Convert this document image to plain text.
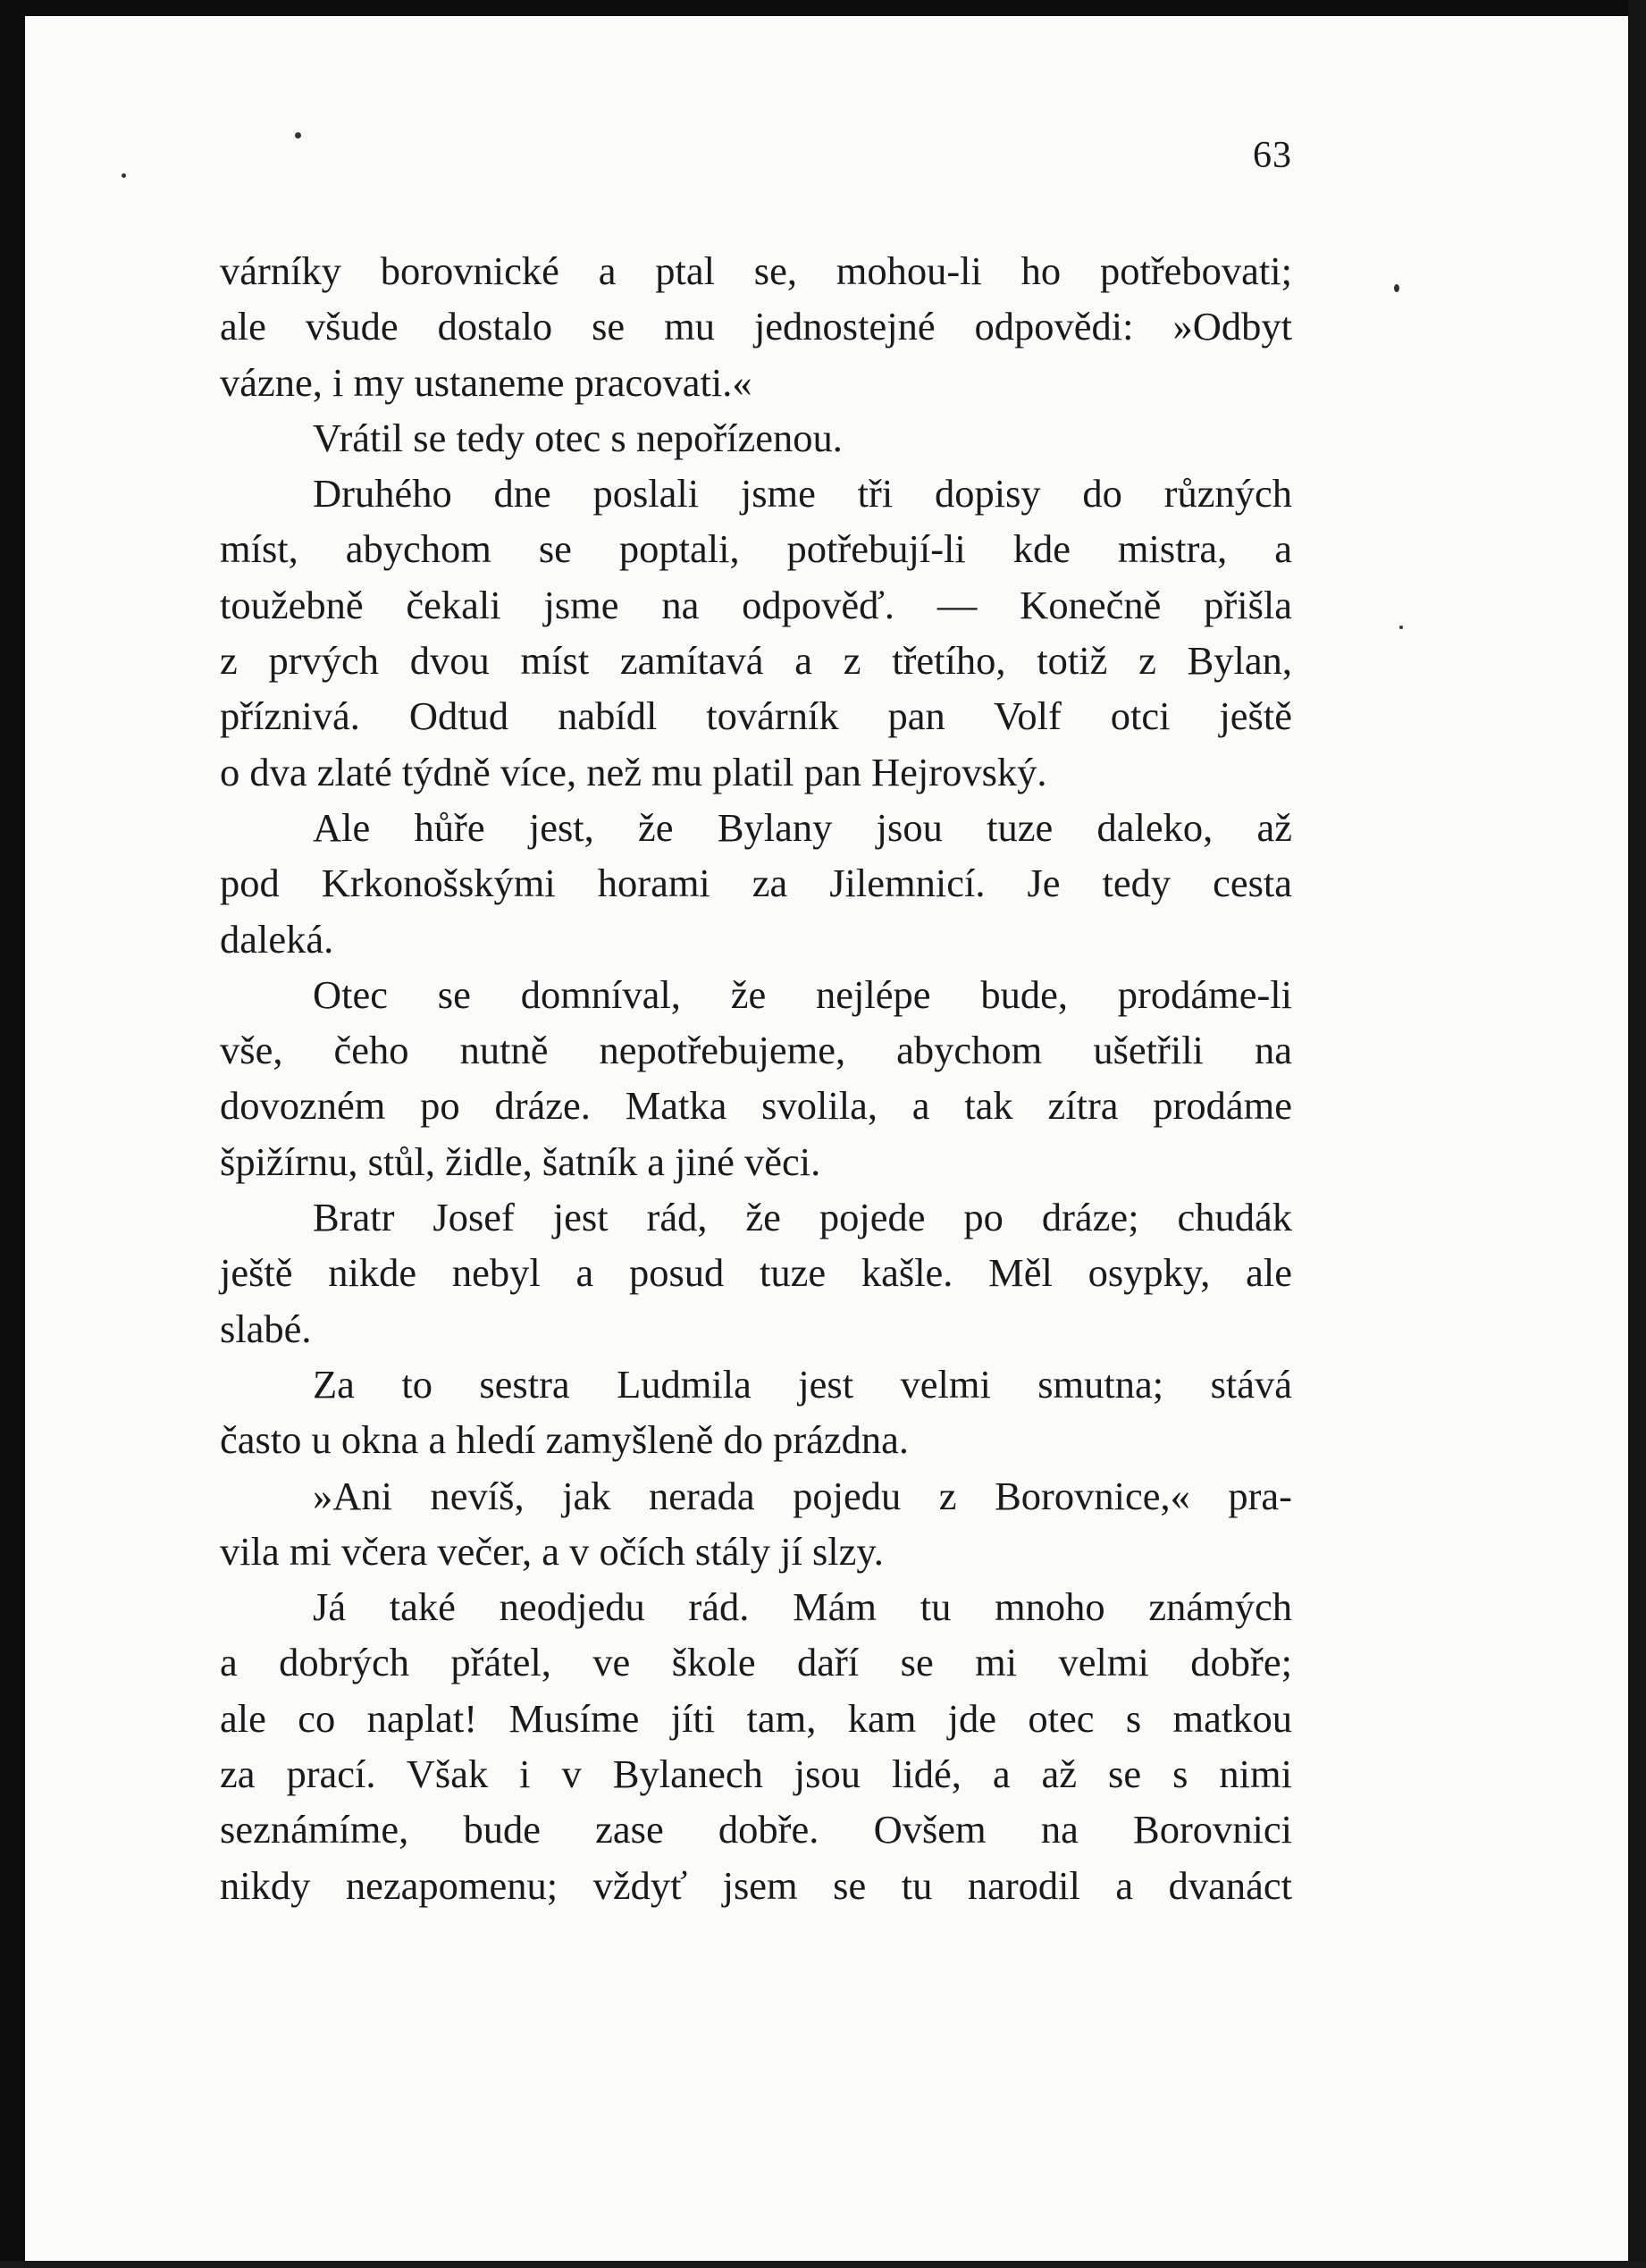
63
várníky borovnické a ptal se, mohou-li ho potřebovati;
ale všude dostalo se mu jednostejné odpovědi: »Odbyt
vázne, i my ustaneme pracovati.«
Vrátil se tedy otec s nepořízenou.
Druhého dne poslali jsme tři dopisy do různých
míst, abychom se poptali, potřebují-li kde mistra, a
toužebně čekali jsme na odpověď. — Konečně přišla
z prvých dvou míst zamítavá a z třetího, totiž z Bylan,
příznivá. Odtud nabídl továrník pan Volf otci ještě
o dva zlaté týdně více, než mu platil pan Hejrovský.
Ale hůře jest, že Bylany jsou tuze daleko, až
pod Krkonošskými horami za Jilemnicí. Je tedy cesta
daleká.
Otec se domníval, že nejlépe bude, prodáme-li
vše, čeho nutně nepotřebujeme, abychom ušetřili na
dovozném po dráze. Matka svolila, a tak zítra prodáme
špižírnu, stůl, židle, šatník a jiné věci.
Bratr Josef jest rád, že pojede po dráze; chudák
ještě nikde nebyl a posud tuze kašle. Měl osypky, ale
slabé.
Za to sestra Ludmila jest velmi smutna; stává
často u okna a hledí zamyšleně do prázdna.
»Ani nevíš, jak nerada pojedu z Borovnice,« pra-
vila mi včera večer, a v očích stály jí slzy.
Já také neodjedu rád. Mám tu mnoho známých
a dobrých přátel, ve škole daří se mi velmi dobře;
ale co naplat! Musíme jíti tam, kam jde otec s matkou
za prací. Však i v Bylanech jsou lidé, a až se s nimi
seznámíme, bude zase dobře. Ovšem na Borovnici
nikdy nezapomenu; vždyť jsem se tu narodil a dvanáct
